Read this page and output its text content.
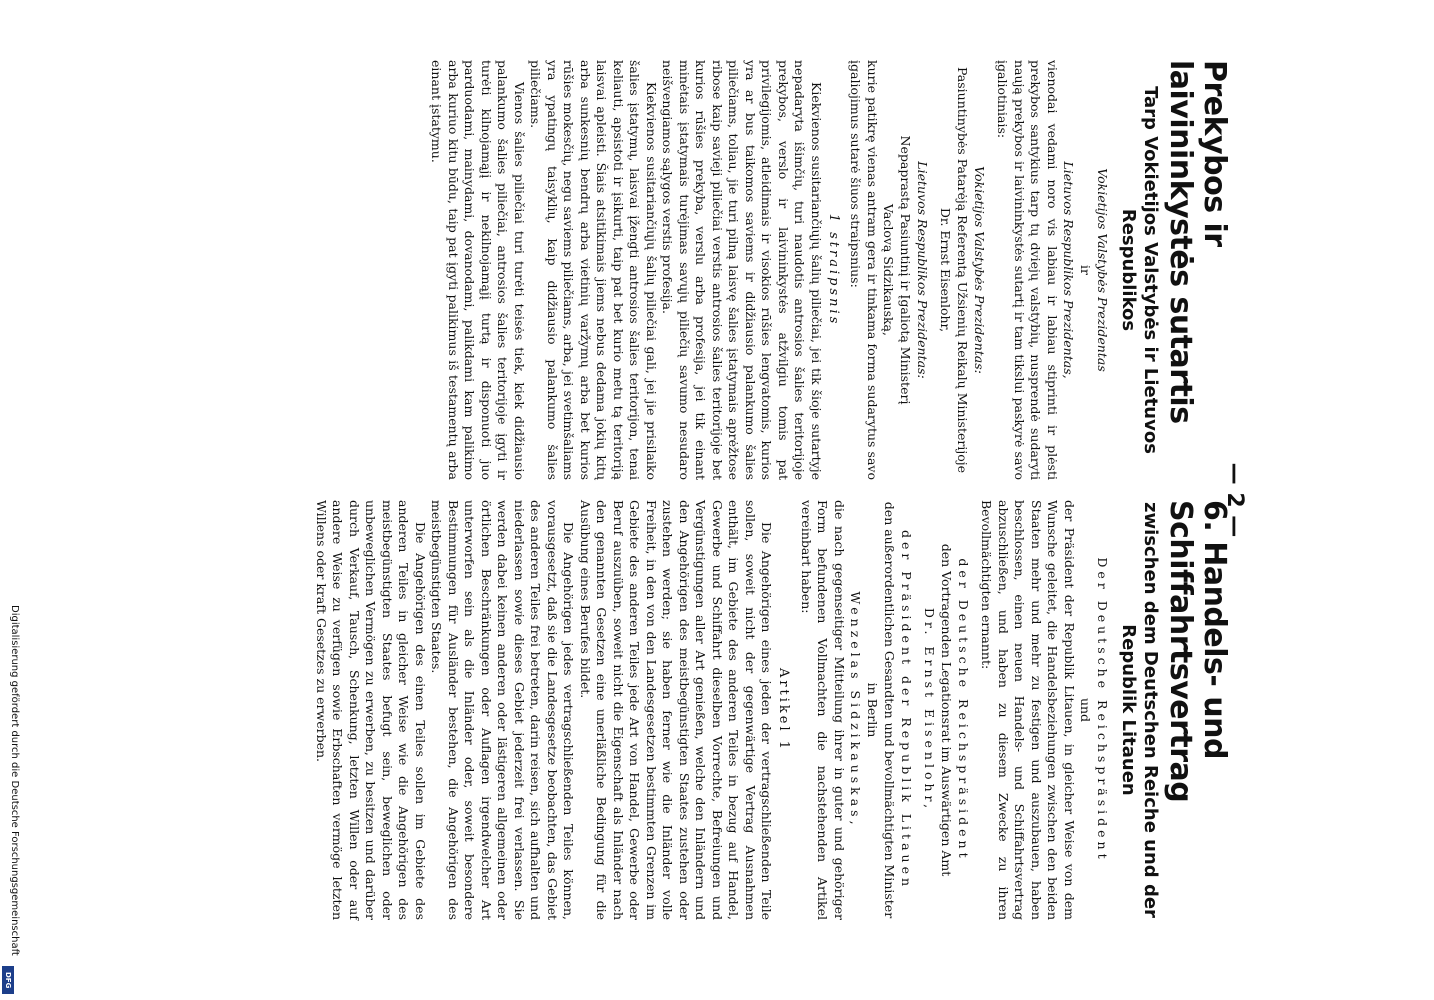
— 2 —
6. Handels- und Schiffahrtsvertrag
zwischen dem Deutschen Reiche und der Republik Litauen
Der Deutsche Reichspräsident
und

der Präsident der Republik Litauen, in gleicher Weise von dem Wunsche geleitet, die Handelsbeziehungen zwischen den beiden Staaten mehr und mehr zu festigen und auszubauen, haben beschlossen, einen neuen Handels- und Schiffahrtsvertrag abzuschließen, und haben zu diesem Zwecke zu ihren Bevollmächtigten ernannt:

der Deutsche Reichspräsident
den Vortragenden Legationsrat im Auswärtigen Amt
Dr. Ernst Eisenlohr,
der Präsident der Republik Litauen
den außerordentlichen Gesandten und bevollmächtigten Minister in Berlin
Wenzelas Sidzikauskas,

die nach gegenseitiger Mitteilung ihrer in guter und gehöriger Form befundenen Vollmachten die nachstehenden Artikel vereinbart haben:

Artikel 1

Die Angehörigen eines jeden der vertragschließenden Teile sollen, soweit nicht der gegenwärtige Vertrag Ausnahmen enthält, im Gebiete des anderen Teiles in bezug auf Handel, Gewerbe und Schiffahrt dieselben Vorrechte, Befreiungen und Vergünstigungen aller Art genießen, welche den Inländern und den Angehörigen des meistbegünstigten Staates zustehen oder zustehen werden; sie haben ferner wie die Inländer volle Freiheit, in den von den Landesgesetzen bestimmten Grenzen im Gebiete des anderen Teiles jede Art von Handel, Gewerbe oder Beruf auszuüben, soweit nicht die Eigenschaft als Inländer nach den genannten Gesetzen eine unerläßliche Bedingung für die Ausübung eines Berufes bildet.

Die Angehörigen jedes vertragschließenden Teiles können, vorausgesetzt, daß sie die Landesgesetze beobachten, das Gebiet des anderen Teiles frei betreten, darin reisen, sich aufhalten und niederlassen sowie dieses Gebiet jederzeit frei verlassen. Sie werden dabei keinen anderen oder lästigeren allgemeinen oder örtlichen Beschränkungen oder Auflagen irgendwelcher Art unterworfen sein als die Inländer oder, soweit besondere Bestimmungen für Ausländer bestehen, die Angehörigen des meistbegünstigten Staates.

Die Angehörigen des einen Teiles sollen im Gebiete des anderen Teiles in gleicher Weise wie die Angehörigen des meistbegünstigten Staates befugt sein, beweglichen oder unbeweglichen Vermögen zu erwerben, zu besitzen und darüber durch Verkauf, Tausch, Schenkung, letzten Willen oder auf andere Weise zu verfügen sowie Erbschaften vermöge letzten Willens oder kraft Gesetzes zu erwerben.

Prekybos ir laivininkystės sutartis
Tarp Vokietijos Valstybės ir Lietuvos Respublikos
Vokietijos Valstybės Prezidentas
ir
Lietuvos Respublikos Prezidentas,

vienodai vedami noro vis labiau ir labiau stiprinti ir plėsti prekybos santykius tarp tų dviejų valstybių, nusprendė sudaryti naują prekybos ir laivininkystės sutartį ir tam tikslui paskyrė savo įgaliotiniais:

Vokietijos Valstybės Prezidentas:
Pasiuntinybės Patarėją Referentą Užsienių Reikalų Ministerijoje
Dr. Ernst Eisenlohr,
Lietuvos Respublikos Prezidentas:
Nepaprastą Pasiuntinį ir Įgaliotą Ministerį
Vaclovą Sidzikauską,

kurie patikrę vienas antram gera ir tinkama forma sudarytus savo įgaliojimus sutarė šiuos straipsnius:

1 straipsnis

Kiekvienos susitariančiųjų šalių piliečiai, jei tik šioje sutartyje nepadaryta išimčių, turi naudotis antrosios šalies teritorijoje prekybos, verslo ir laivininkystės atžvilgiu tomis pat privilegijomis, atleidimais ir visokios rūšies lengvatomis, kurios yra ar bus taikomos saviems ir didžiausio palankumo šalies piliečiams, toliau, jie turi pilną laisvę šalies įstatymais aprėžtose ribose kaip savieji piliečiai verstis antrosios šalies teritorijoje bet kurios rūšies prekyba, verslu arba profesija, jei tik einant minėtais įstatymais turėjimas savųjų piliečių savumo nesudaro neišvengiamos sąlygos verstis profesija.

Kiekvienos susitariančiųjų šalių piliečiai gali, jei jie prisilaiko šalies įstatymų, laisvai įžengti antrosios šalies teritorijon, tenai keliauti, apsistoti ir įsikurti, taip pat bet kurio metu tą teritoriją laisvai apleisti. Šiais atsitikimais jiems nebus dedama jokių kitų arba sunkesnių bendrų arba vietinių varžymų arba bet kurios rūšies mokesčių, negu saviems piliečiams, arba, jei svetimšaliams yra ypatingų taisyklių, kaip didžiausio palankumo šalies piliečiams.

Vienos šalies piliečiai turi turėti teisės tiek, kiek didžiausio palankumo šalies piliečiai, antrosios šalies teritorijoje įgyti ir turėti kilnojamąjį ir nekilnojamąjį turtą ir disponuoti juo parduodami, mainydami, dovanodami, palikdami kam palikimo arba kuriuo kitu būdu, taip pat įgyti palikimus iš testamentų arba einant įstatymu.

Digitalisierung gefördert durch die Deutsche Forschungsgemeinschaft
DFG
